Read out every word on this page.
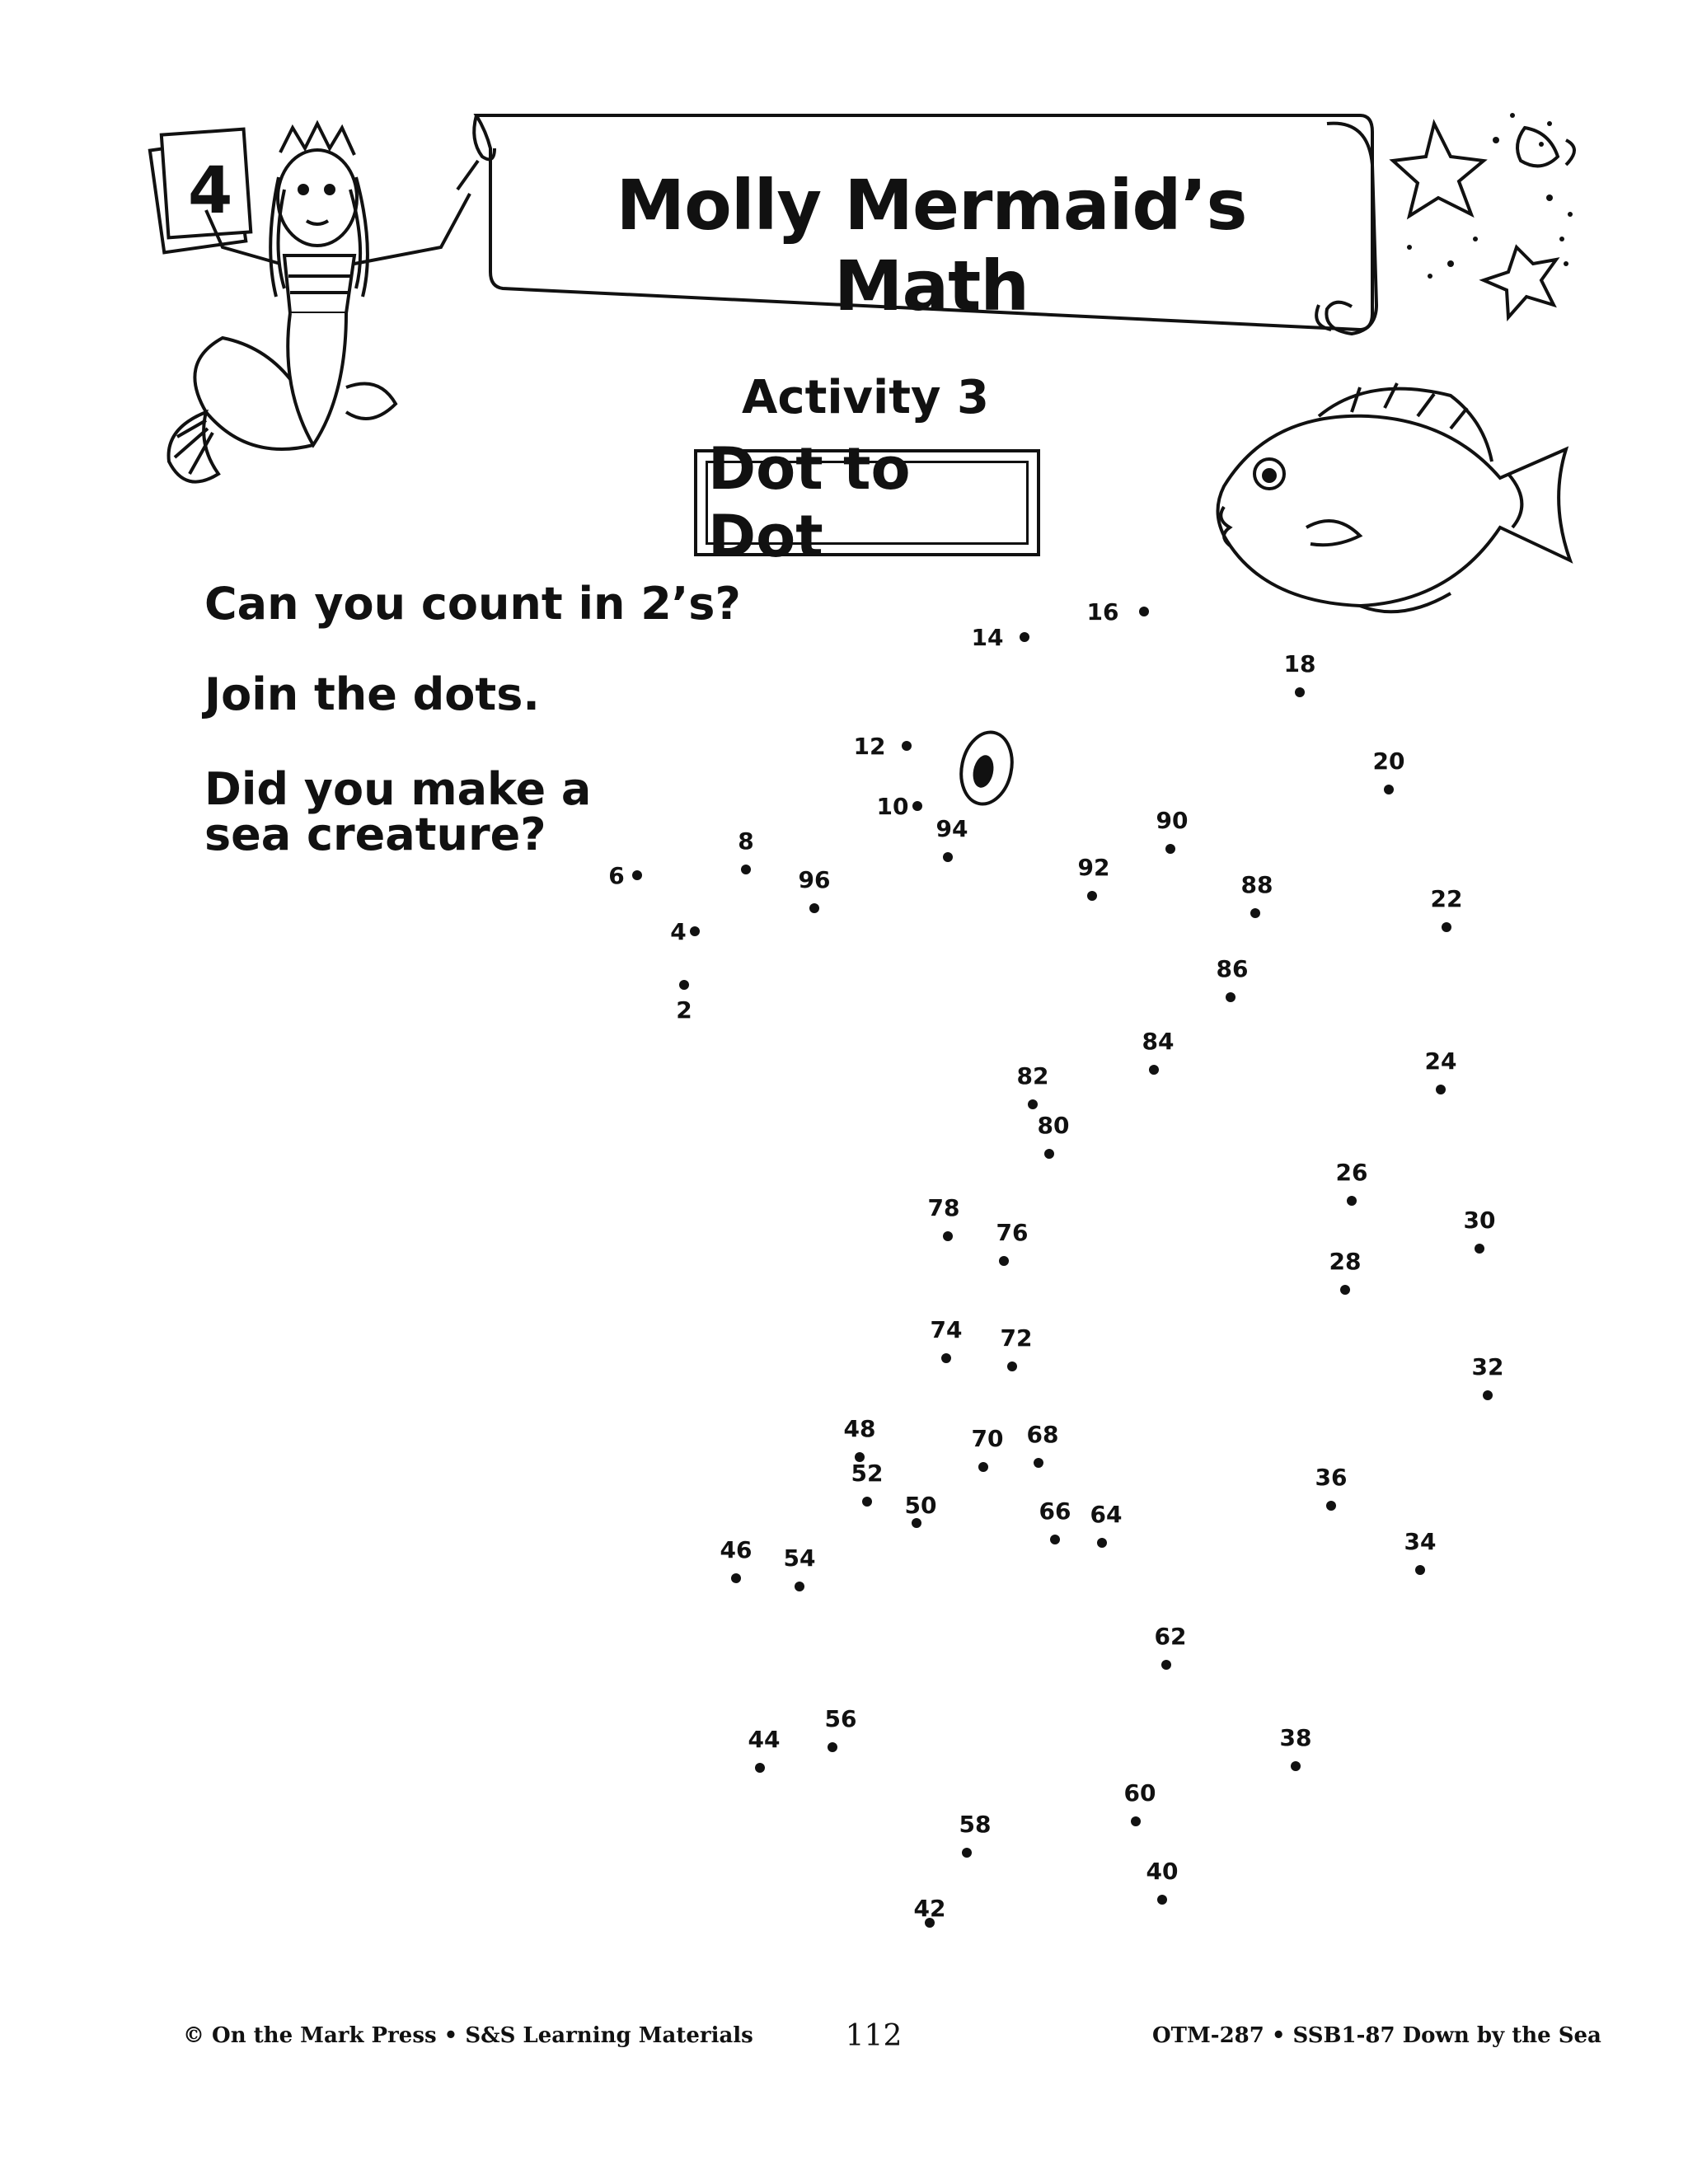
4
2
4
6
8
10
12
14
16
18
20
22
24
26
28
30
32
34
36
38
40
42
44
46
48
50
52
54
56
58
60
62
64
66
68
70
72
74
76
78
80
82
84
86
88
90
92
94
96
Molly Mermaid’s Math
Activity 3
Dot to Dot
Can you count in 2’s?
Join the dots.
Did you make a
sea creature?
© On the Mark Press • S&S Learning Materials	112	OTM-287 • SSB1-87 Down by the Sea
